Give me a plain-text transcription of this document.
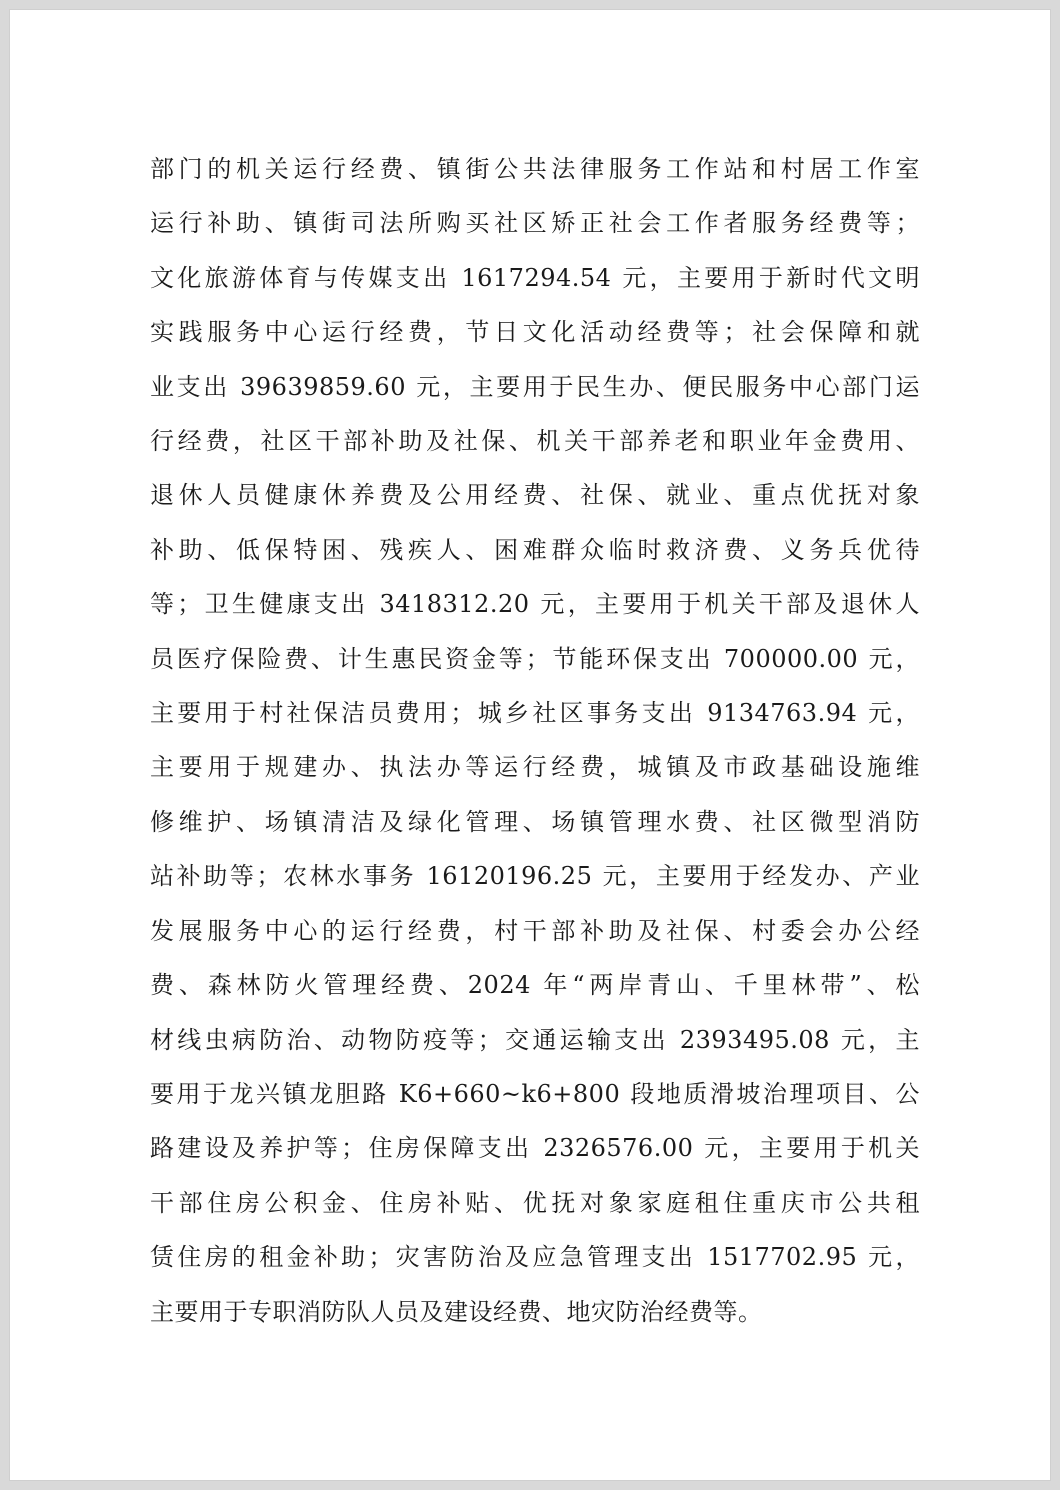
部门的机关运行经费、镇街公共法律服务工作站和村居工作室
运行补助、镇街司法所购买社区矫正社会工作者服务经费等；
文化旅游体育与传媒支出 1617294.54 元，主要用于新时代文明
实践服务中心运行经费，节日文化活动经费等；社会保障和就
业支出 39639859.60 元，主要用于民生办、便民服务中心部门运
行经费，社区干部补助及社保、机关干部养老和职业年金费用、
退休人员健康休养费及公用经费、社保、就业、重点优抚对象
补助、低保特困、残疾人、困难群众临时救济费、义务兵优待
等；卫生健康支出 3418312.20 元，主要用于机关干部及退休人
员医疗保险费、计生惠民资金等；节能环保支出 700000.00 元，
主要用于村社保洁员费用；城乡社区事务支出 9134763.94 元，
主要用于规建办、执法办等运行经费，城镇及市政基础设施维
修维护、场镇清洁及绿化管理、场镇管理水费、社区微型消防
站补助等；农林水事务 16120196.25 元，主要用于经发办、产业
发展服务中心的运行经费，村干部补助及社保、村委会办公经
费、森林防火管理经费、2024 年“两岸青山、千里林带”、松
材线虫病防治、动物防疫等；交通运输支出 2393495.08 元，主
要用于龙兴镇龙胆路 K6+660~k6+800 段地质滑坡治理项目、公
路建设及养护等；住房保障支出 2326576.00 元，主要用于机关
干部住房公积金、住房补贴、优抚对象家庭租住重庆市公共租
赁住房的租金补助；灾害防治及应急管理支出 1517702.95 元，
主要用于专职消防队人员及建设经费、地灾防治经费等。
